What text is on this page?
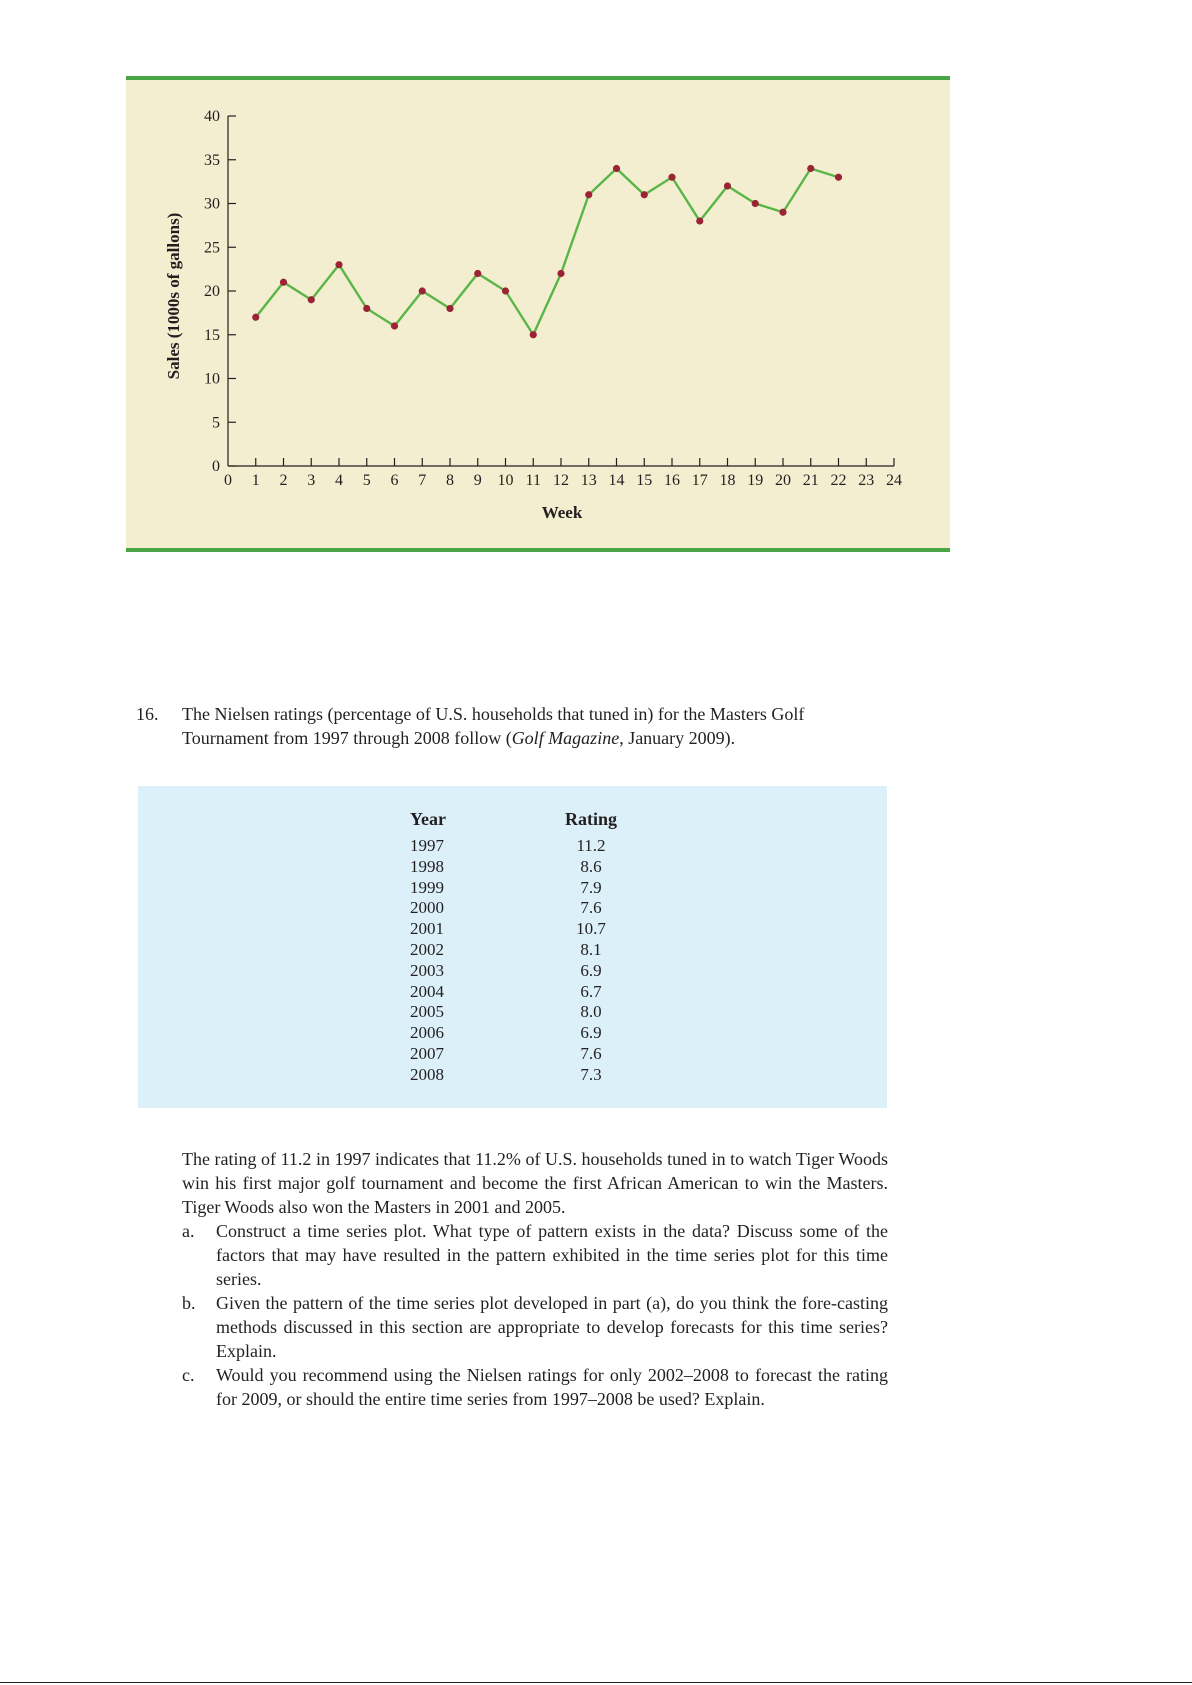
0
5
10
15
20
25
30
35
40
0 1 2 3 4 5 6 7 8 9 10 11 12 13 14 15 16 17 18 19 20 21 22 23 24
Week
Sales (1000s of gallons)
16. The Nielsen ratings (percentage of U.S. households that tuned in) for the Masters Golf Tournament from 1997 through 2008 follow (Golf Magazine, January 2009).
Year
1997
1998
1999
2000
2001
2002
2003
2004
2005
2006
2007
2008
Rating
11.2
8.6
7.9
7.6
10.7
8.1
6.9
6.7
8.0
6.9
7.6
7.3

The rating of 11.2 in 1997 indicates that 11.2% of U.S. households tuned in to watch Tiger Woods win his first major golf tournament and become the first African American to win the Masters. Tiger Woods also won the Masters in 2001 and 2005.

a. Construct a time series plot. What type of pattern exists in the data? Discuss some of the factors that may have resulted in the pattern exhibited in the time series plot for this time series.
b. Given the pattern of the time series plot developed in part (a), do you think the fore-casting methods discussed in this section are appropriate to develop forecasts for this time series? Explain.
c. Would you recommend using the Nielsen ratings for only 2002–2008 to forecast the rating for 2009, or should the entire time series from 1997–2008 be used? Explain.
